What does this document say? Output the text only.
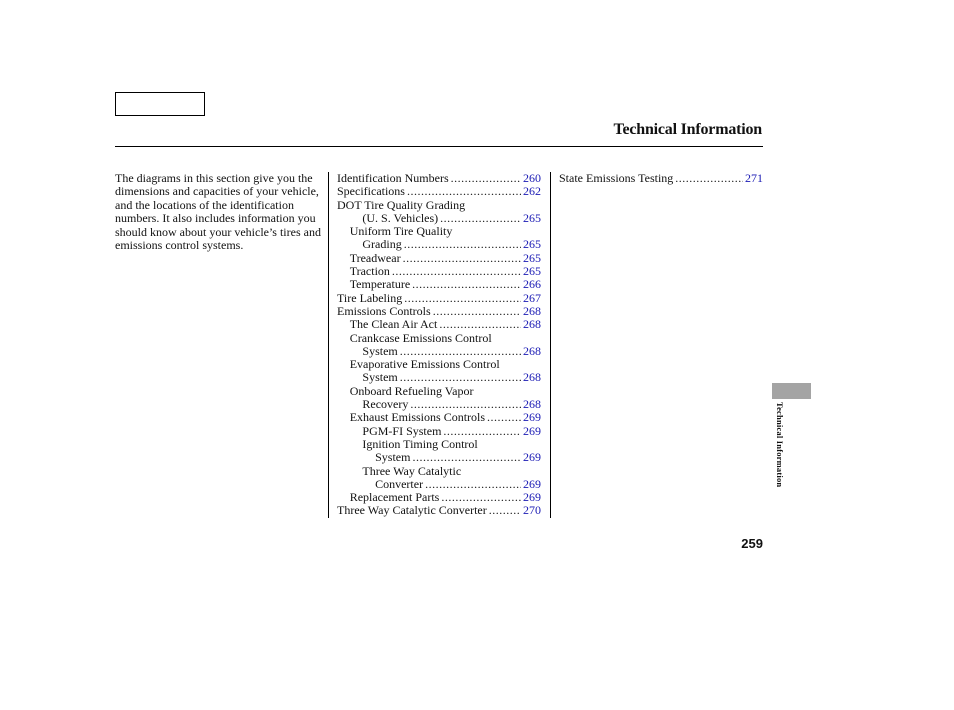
Technical Information
The diagrams in this section give you the dimensions and capacities of your vehicle, and the locations of the identification numbers. It also includes information you should know about your vehicle’s tires and emissions control systems.
Identification Numbers .....	260
Specifications .....	262
DOT Tire Quality Grading
(U. S. Vehicles) .....	265
Uniform Tire Quality
Grading .....	265
Treadwear .....	265
Traction .....	265
Temperature .....	266
Tire Labeling .....	267
Emissions Controls .....	268
The Clean Air Act .....	268
Crankcase Emissions Control
System .....	268
Evaporative Emissions Control
System .....	268
Onboard Refueling Vapor
Recovery .....	268
Exhaust Emissions Controls .....	269
PGM-FI System .....	269
Ignition Timing Control
System .....	269
Three Way Catalytic
Converter .....	269
Replacement Parts .....	269
Three Way Catalytic Converter .....	270
State Emissions Testing .....	271
Technical Information
259
